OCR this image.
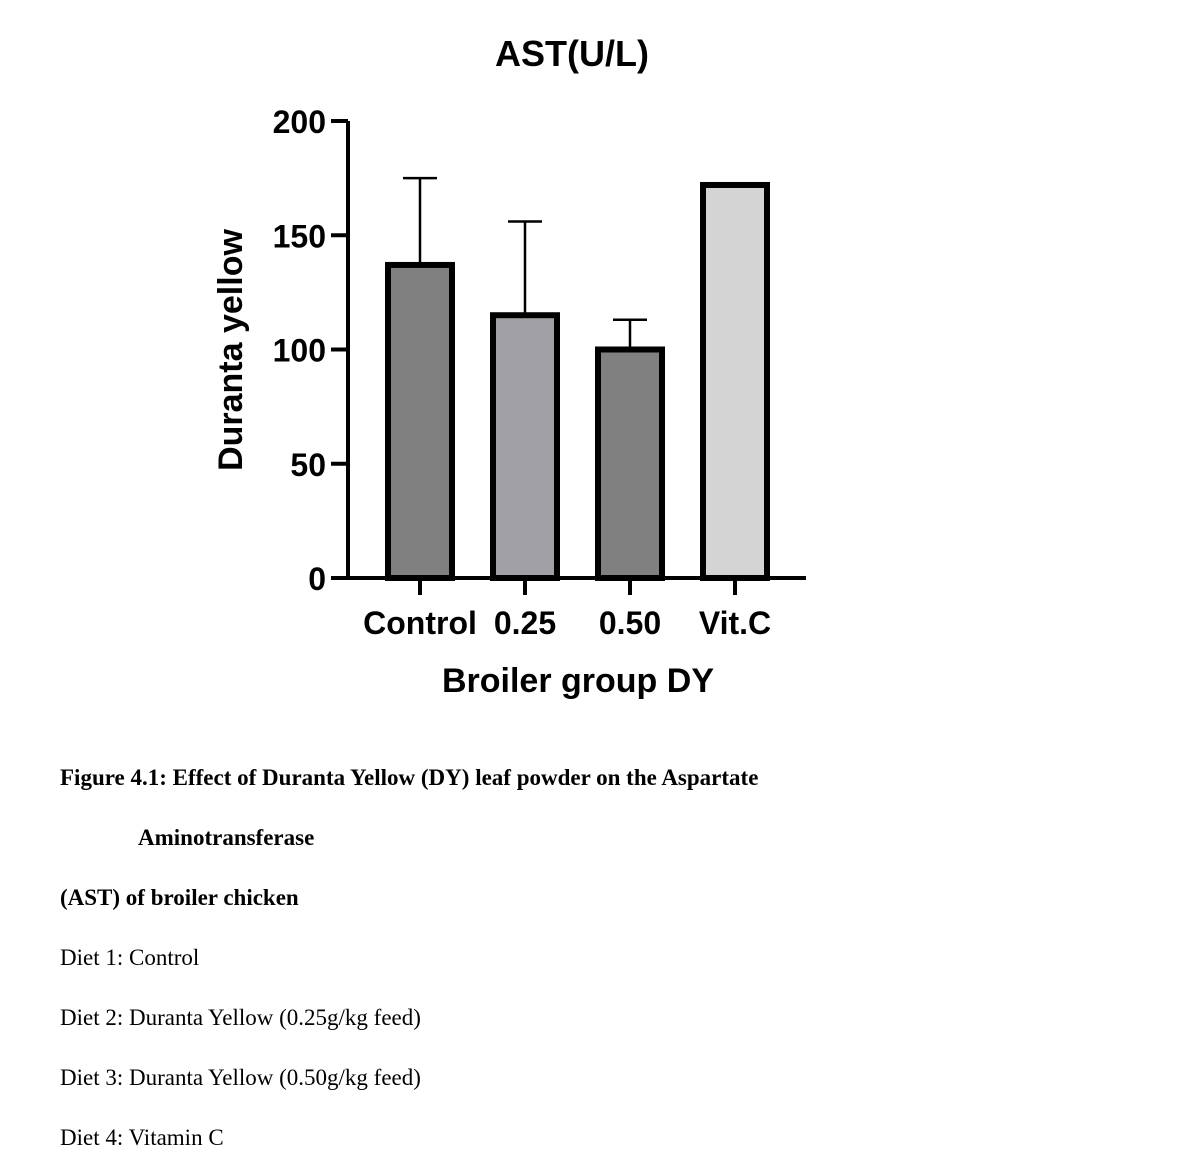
AST(U/L)
Duranta yellow
Broiler group DY
0
50
100
150
200
Control 0.25 0.50 Vit.C
Figure 4.1: Effect of Duranta Yellow (DY) leaf powder on the Aspartate
Aminotransferase
(AST) of broiler chicken
Diet 1: Control
Diet 2: Duranta Yellow (0.25g/kg feed)
Diet 3: Duranta Yellow (0.50g/kg feed)
Diet 4: Vitamin C
